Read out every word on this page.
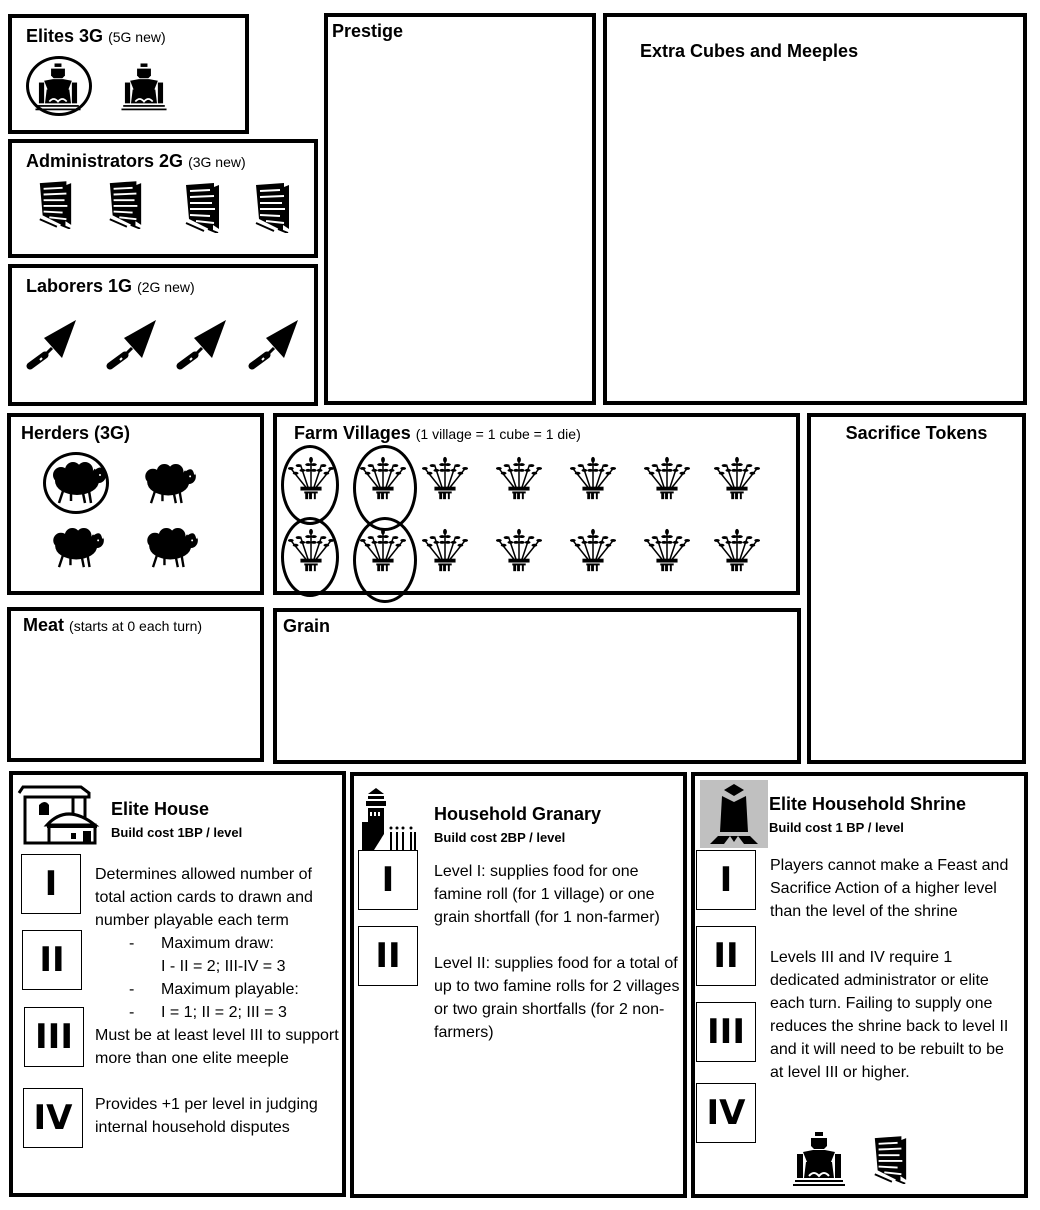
Elites 3G (5G new)
Administrators 2G (3G new)
Laborers 1G (2G new)
Prestige
Extra Cubes and Meeples
Herders (3G)	Farm Villages (1 village = 1 cube = 1 die)	Sacrifice Tokens
Meat (starts at 0 each turn)	Grain
Elite House
Build cost 1BP / level
I
II
III
IV

Determines allowed number of total action cards to drawn and number playable each term

-	Maximum draw:
I - II = 2; III-IV = 3
-	Maximum playable:
-	I = 1; II = 2; III = 3

Must be at least level III to support more than one elite meeple

Provides +1 per level in judging internal household disputes

Household Granary
Build cost 2BP / level
I
II

Level I: supplies food for one famine roll (for 1 village) or one grain shortfall (for 1 non-farmer)

Level II: supplies food for a total of up to two famine rolls for 2 villages or two grain shortfalls (for 2 non-farmers)

Elite Household Shrine
Build cost 1 BP / level
I
II
III
IV

Players cannot make a Feast and Sacrifice Action of a higher level than the level of the shrine

Levels III and IV require 1 dedicated administrator or elite each turn. Failing to supply one reduces the shrine back to level II and it will need to be rebuilt to be at level III or higher.
